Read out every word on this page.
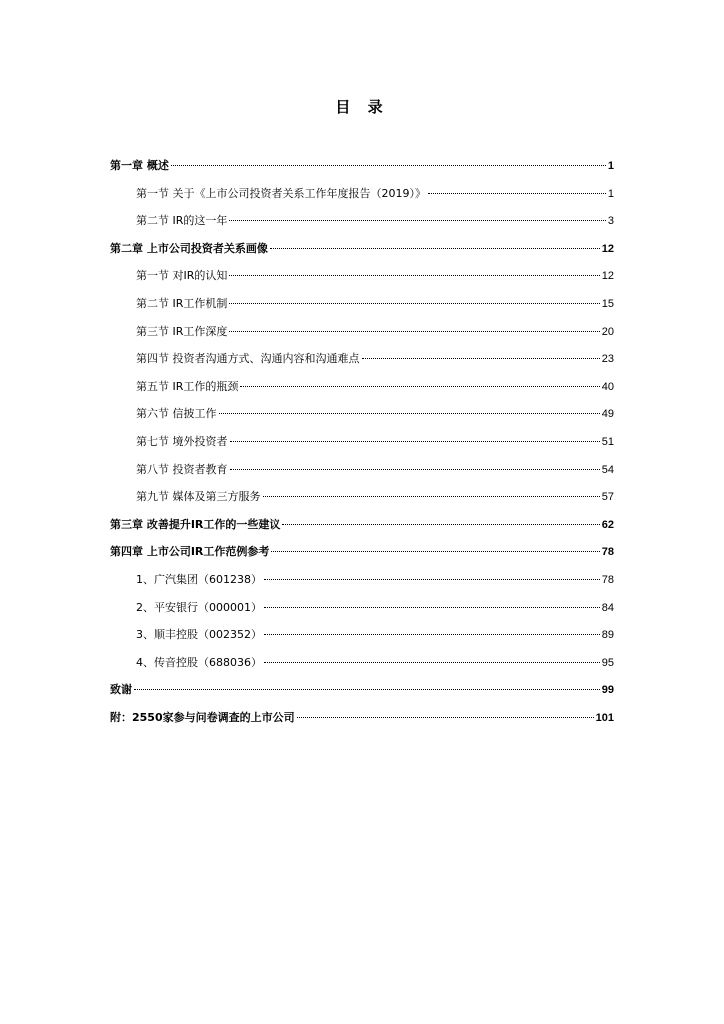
目 录
第一章 概述	1
第一节 关于《上市公司投资者关系工作年度报告（2019）》	1
第二节 IR的这一年	3
第二章 上市公司投资者关系画像	12
第一节 对IR的认知	12
第二节 IR工作机制	15
第三节 IR工作深度	20
第四节 投资者沟通方式、沟通内容和沟通难点	23
第五节 IR工作的瓶颈	40
第六节 信披工作	49
第七节 境外投资者	51
第八节 投资者教育	54
第九节 媒体及第三方服务	57
第三章 改善提升IR工作的一些建议	62
第四章 上市公司IR工作范例参考	78
1、广汽集团（601238）	78
2、平安银行（000001）	84
3、顺丰控股（002352）	89
4、传音控股（688036）	95
致谢	99
附：2550家参与问卷调查的上市公司	101
